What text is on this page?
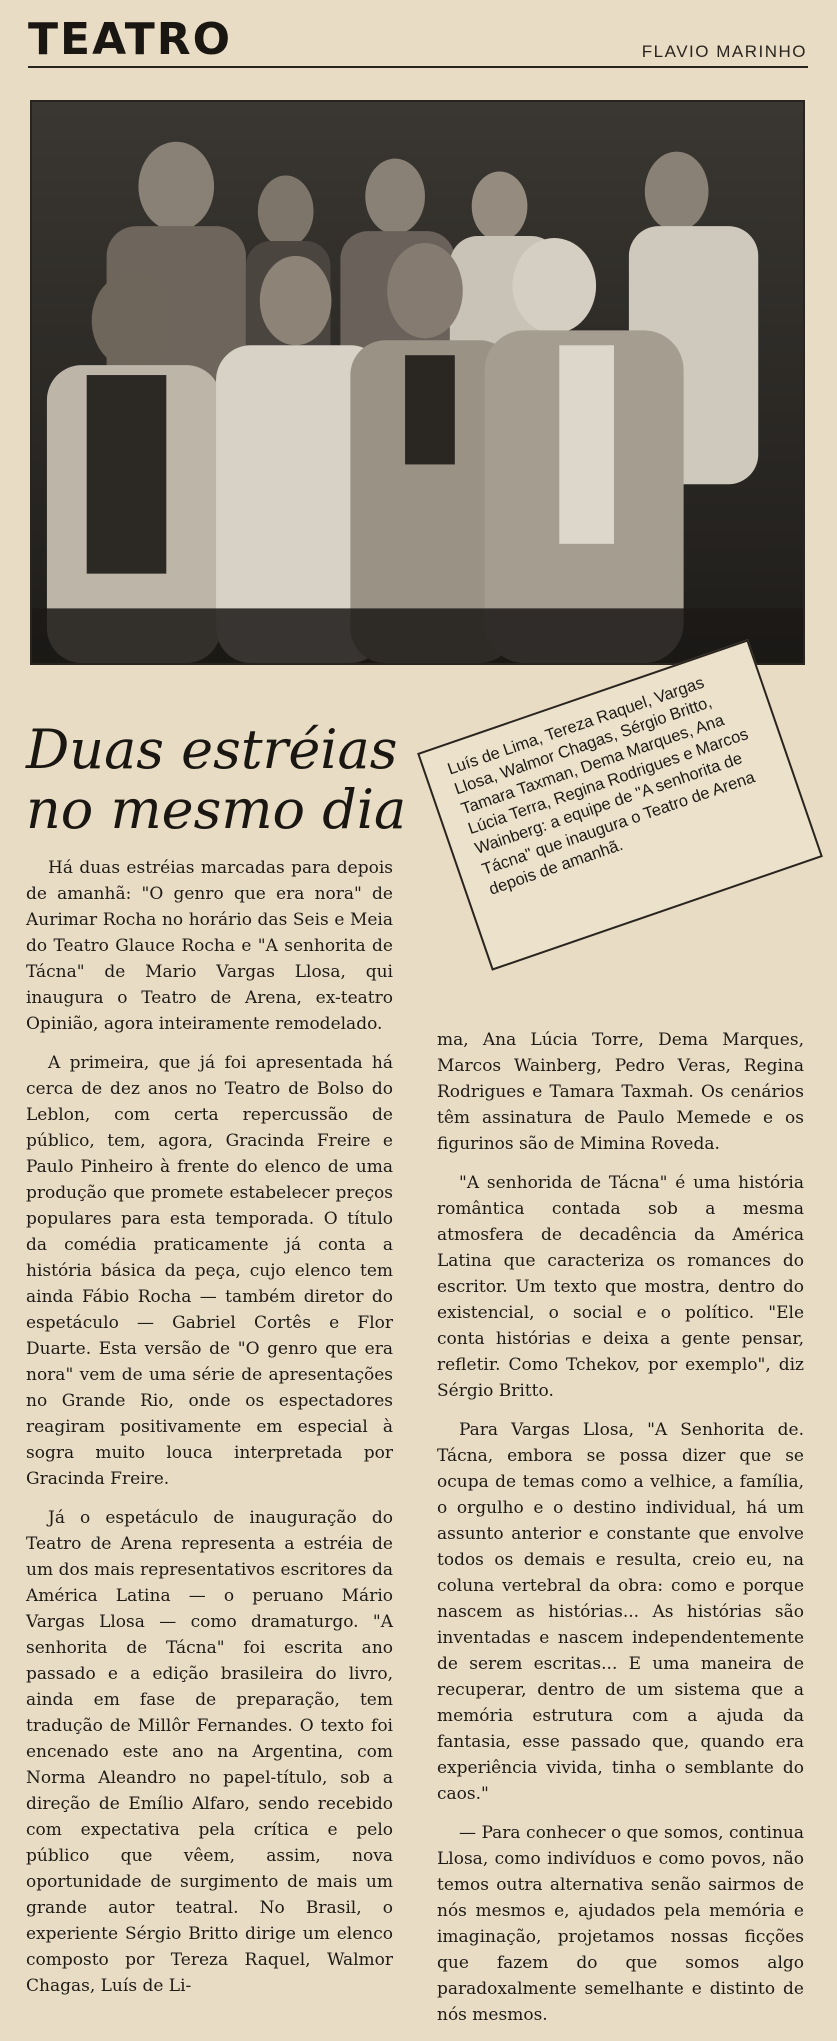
TEATRO	FLAVIO MARINHO
Luís de Lima, Tereza Raquel, Vargas Llosa, Walmor Chagas, Sérgio Britto, Tamara Taxman, Dema Marques, Ana Lúcia Terra, Regina Rodrigues e Marcos Wainberg: a equipe de "A senhorita de Tácna" que inaugura o Teatro de Arena depois de amanhã.
Duas estréias no mesmo dia

Há duas estréias marcadas para depois de amanhã: "O genro que era nora" de Aurimar Rocha no horário das Seis e Meia do Teatro Glauce Rocha e "A senhorita de Tácna" de Mario Vargas Llosa, qui inaugura o Teatro de Arena, ex-teatro Opinião, agora inteiramente remodelado.

A primeira, que já foi apresentada há cerca de dez anos no Teatro de Bolso do Leblon, com certa repercussão de público, tem, agora, Gracinda Freire e Paulo Pinheiro à frente do elenco de uma produção que promete estabelecer preços populares para esta temporada. O título da comédia praticamente já conta a história básica da peça, cujo elenco tem ainda Fábio Rocha — também diretor do espetáculo — Gabriel Cortês e Flor Duarte. Esta versão de "O genro que era nora" vem de uma série de apresentações no Grande Rio, onde os espectadores reagiram positivamente em especial à sogra muito louca interpretada por Gracinda Freire.

Já o espetáculo de inauguração do Teatro de Arena representa a estréia de um dos mais representativos escritores da América Latina — o peruano Mário Vargas Llosa — como dramaturgo. "A senhorita de Tácna" foi escrita ano passado e a edição brasileira do livro, ainda em fase de preparação, tem tradução de Millôr Fernandes. O texto foi encenado este ano na Argentina, com Norma Aleandro no papel-título, sob a direção de Emílio Alfaro, sendo recebido com expectativa pela crítica e pelo público que vêem, assim, nova oportunidade de surgimento de mais um grande autor teatral. No Brasil, o experiente Sérgio Britto dirige um elenco composto por Tereza Raquel, Walmor Chagas, Luís de Li-

ma, Ana Lúcia Torre, Dema Marques, Marcos Wainberg, Pedro Veras, Regina Rodrigues e Tamara Taxmah. Os cenários têm assinatura de Paulo Memede e os figurinos são de Mimina Roveda.

"A senhorida de Tácna" é uma história romântica contada sob a mesma atmosfera de decadência da América Latina que caracteriza os romances do escritor. Um texto que mostra, dentro do existencial, o social e o político. "Ele conta histórias e deixa a gente pensar, refletir. Como Tchekov, por exemplo", diz Sérgio Britto.

Para Vargas Llosa, "A Senhorita de. Tácna, embora se possa dizer que se ocupa de temas como a velhice, a família, o orgulho e o destino individual, há um assunto anterior e constante que envolve todos os demais e resulta, creio eu, na coluna vertebral da obra: como e porque nascem as histórias... As histórias são inventadas e nascem independentemente de serem escritas... E uma maneira de recuperar, dentro de um sistema que a memória estrutura com a ajuda da fantasia, esse passado que, quando era experiência vivida, tinha o semblante do caos."

— Para conhecer o que somos, continua Llosa, como indivíduos e como povos, não temos outra alternativa senão sairmos de nós mesmos e, ajudados pela memória e imaginação, projetamos nossas ficções que fazem do que somos algo paradoxalmente semelhante e distinto de nós mesmos.
